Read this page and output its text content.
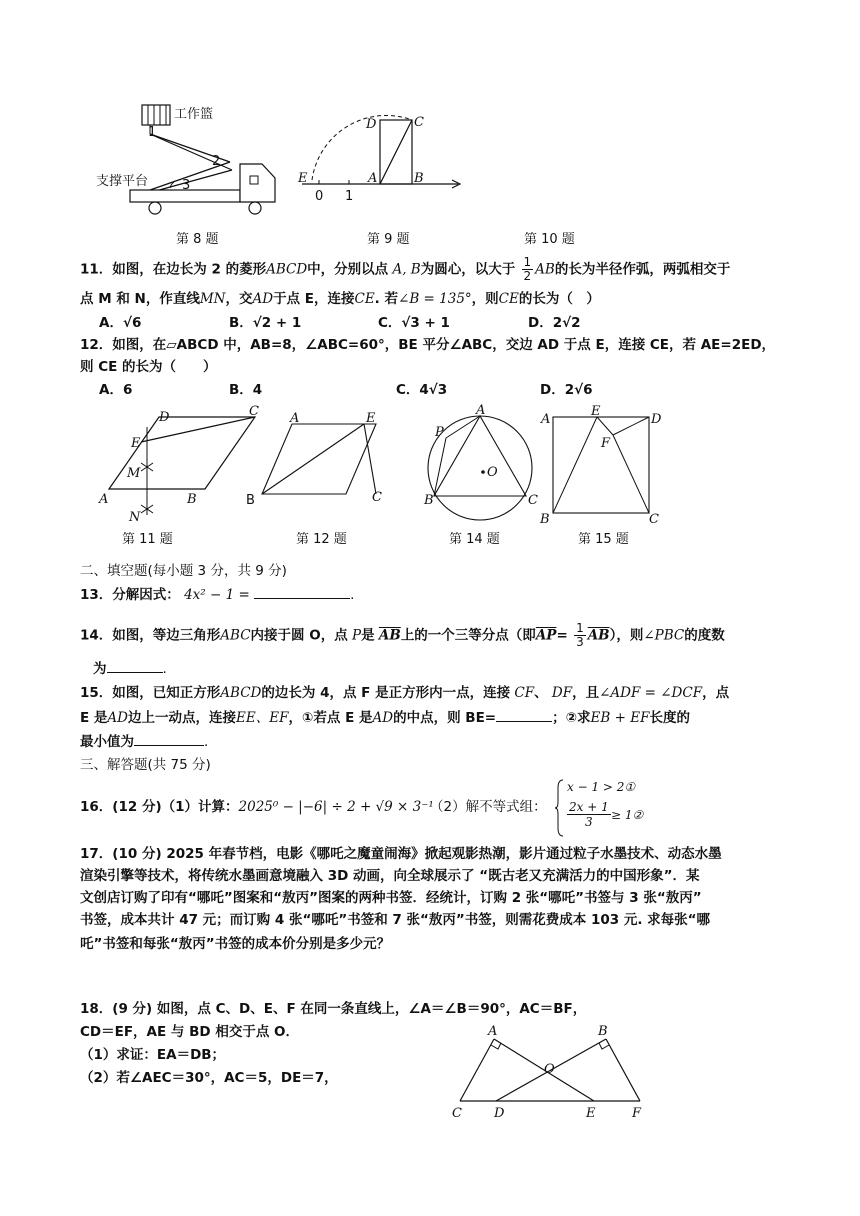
1
2
3
工作篮
支撑平台
D	C
E	A	B
0 1
第 8 题	第 9 题	第 10 题
11．如图，在边长为 2 的菱形ABCD中，分别以点 A, B为圆心，以大于 $\frac{1}{2}$ AB的长为半径作弧，两弧相交于
点 M 和 N，作直线MN，交AD于点 E，连接CE. 若∠B = 135°，则CE的长为（　）
A．√6	B．√2 + 1	C．√3 + 1	D．2√2
12．如图，在▱ABCD 中，AB=8，∠ABC=60°，BE 平分∠ABC，交边 AD 于点 E，连接 CE，若 AE=2ED，
则 CE 的长为（　　）
A．6	B．4	C．4√3	D．2√6
D	C
E
M
A	B
N
A	E
C
B
A
P
O
B	C
E
A	D
F
B	C
第 11 题	第 12 题	第 14 题	第 15 题
二、填空题(每小题 3 分，共 9 分)
13．分解因式： 4x² − 1 =	.
14．如图，等边三角形ABC内接于圆 O，点 P是 $\overline{AB}$上的一个三等分点（即$\overline{AP}= \frac{1}{3} \overline{AB}$），则∠PBC的度数
为	.
15．如图，已知正方形ABCD的边长为 4，点 F 是正方形内一点，连接 CF、 DF，且∠ADF = ∠DCF，点
E 是AD边上一动点，连接EE、EF，①若点 E 是AD的中点，则 BE=	；②求EB + EF长度的
最小值为	.
三、解答题(共 75 分)
16．(12 分)（1）计算：2025⁰ − |−6| ÷ 2 + √9 × 3⁻¹
（2）解不等式组：
x − 1 > 2①
2x + 1
3	≥ 1②
17．(10 分) 2025 年春节档，电影《哪吒之魔童闹海》掀起观影热潮，影片通过粒子水墨技术、动态水墨
渲染引擎等技术，将传统水墨画意境融入 3D 动画，向全球展示了 “既古老又充满活力的中国形象”．某
文创店订购了印有“哪吒”图案和“敖丙”图案的两种书签．经统计，订购 2 张“哪吒”书签与 3 张“敖丙”
书签，成本共计 47 元；而订购 4 张“哪吒”书签和 7 张“敖丙”书签，则需花费成本 103 元. 求每张“哪
吒”书签和每张“敖丙”书签的成本价分别是多少元？
18．(9 分) 如图，点 C、D、E、F 在同一条直线上，∠A＝∠B＝90°，AC＝BF，
CD＝EF，AE 与 BD 相交于点 O．
（1）求证：EA＝DB；
（2）若∠AEC＝30°，AC＝5，DE＝7，
A	B
O
C D	E	F
